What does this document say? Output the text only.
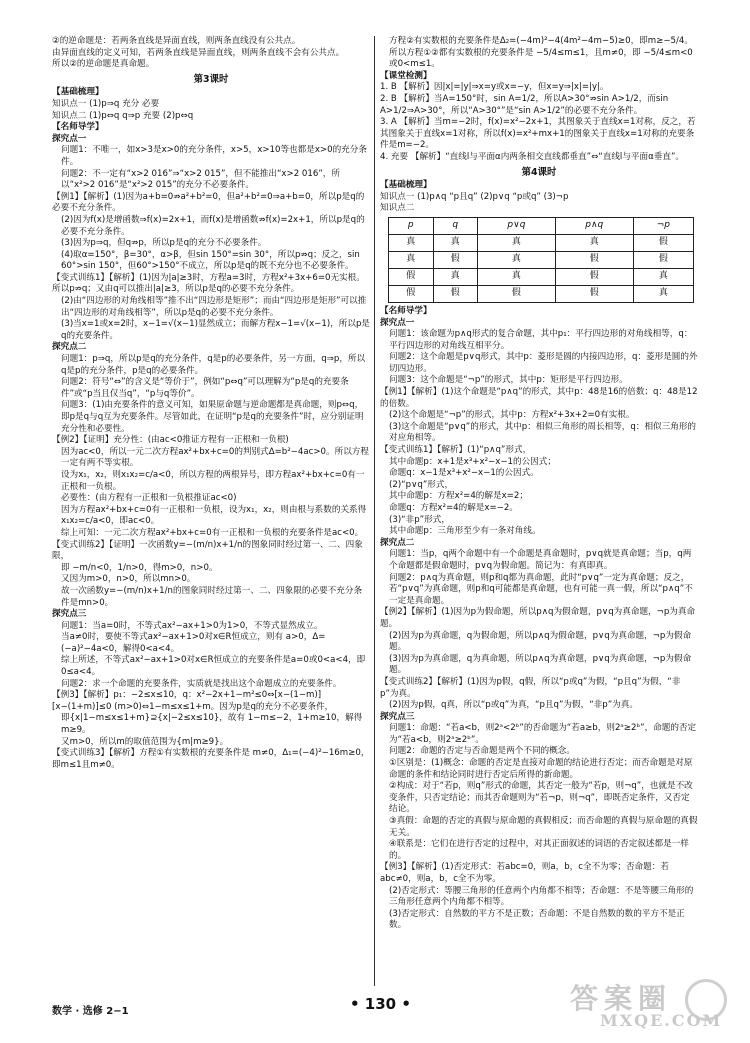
②的逆命题是：若两条直线是异面直线，则两条直线没有公共点。

由异面直线的定义可知，若两条直线是异面直线，则两条直线不会有公共点。

所以②的逆命题是真命题。

第3课时

【基础梳理】

知识点一 (1)p⇒q 充分 必要

知识点二 (1)p⇔q q⇒p 充要 (2)p⇔q

【名师导学】

探究点一

问题1：不唯一，如x>3是x>0的充分条件，x>5，x>10等也都是x>0的充分条件。

问题2：不一定有“x>2 016”⇒“x>2 015”，但不能推出“x>2 016”，所以“x²>2 016”是“x²>2 015”的充分不必要条件。

【例1】【解析】(1)因为a+b=0⇏a²+b²=0，但a²+b²=0⇒a+b=0，所以p是q的必要不充分条件。

(2)因为f(x)是增函数⇒f(x)=2x+1，而f(x)是增函数⇏f(x)=2x+1，所以p是q的必要不充分条件。

(3)因为p⇒q，但q⇏p，所以p是q的充分不必要条件。

(4)取α=150°，β=30°，α>β，但sin 150°=sin 30°，所以p⇏q；反之，sin 60°>sin 150°，但60°>150°不成立，所以p是q的既不充分也不必要条件。

【变式训练1】【解析】(1)因为|a|≥3时，方程a=3时，方程x²+3x+6=0无实根。所以p⇏q；又由q可以推出|a|≥3，所以p是q的必要不充分条件。

(2)由“四边形的对角线相等”推不出“四边形是矩形”；而由“四边形是矩形”可以推出“四边形的对角线相等”，所以p是q的必要不充分条件。

(3)当x=1或x=2时，x−1=√(x−1)显然成立；而解方程x−1=√(x−1)，所以p是q的充要条件。

探究点二

问题1：p⇒q，所以p是q的充分条件，q是p的必要条件，另一方面，q⇒p，所以q是p的充分条件，p是q的必要条件。

问题2：符号“⇔”的含义是“等价于”，例如“p⇔q”可以理解为“p是q的充要条件”或“p当且仅当q”，“p与q等价”。

问题3：(1)由充要条件的意义可知，如果原命题与逆命题都是真命题，则p⇔q，即p是q与q互为充要条件。尽管如此，在证明“p是q的充要条件”时，应分别证明充分性和必要性。

【例2】【证明】充分性：(由ac<0推证方程有一正根和一负根)

因为ac<0，所以一元二次方程ax²+bx+c=0的判别式Δ=b²−4ac>0。所以方程一定有两不等实根。

设为x₁，x₂，则x₁x₂=c/a<0，所以方程的两根异号，即方程ax²+bx+c=0有一正根和一负根。

必要性：(由方程有一正根和一负根推证ac<0)

因为方程ax²+bx+c=0有一正根和一负根，设为x₁，x₂，则由根与系数的关系得x₁x₂=c/a<0，即ac<0。

综上可知：一元二次方程ax²+bx+c=0有一正根和一负根的充要条件是ac<0。

【变式训练2】【证明】一次函数y=−(m/n)x+1/n的图象同时经过第一、二、四象限，

即 −m/n<0，1/n>0，得m>0，n>0。

又因为m>0，n>0，所以mn>0。

故一次函数y=−(m/n)x+1/n的图象同时经过第一、二、四象限的必要不充分条件是mn>0。

探究点三

问题1：当a=0时，不等式ax²−ax+1>0为1>0，不等式显然成立。

当a≠0时，要使不等式ax²−ax+1>0对x∈R恒成立，则有 a>0，Δ=(−a)²−4a<0，解得0<a<4。

综上所述，不等式ax²−ax+1>0对x∈R恒成立的充要条件是a=0或0<a<4，即0≤a<4。

问题2：求一个命题的充要条件，实质就是找出这个命题成立的充要条件。

【例3】【解析】p₁：−2≤x≤10，q：x²−2x+1−m²≤0⇔[x−(1−m)][x−(1+m)]≤0 (m>0)⇔1−m≤x≤1+m。因为p是q的充分不必要条件，

即{x|1−m≤x≤1+m}⊇{x|−2≤x≤10}，故有 1−m≤−2，1+m≥10，解得m≥9。

又m>0，所以m的取值范围为{m|m≥9}。

【变式训练3】【解析】方程①有实数根的充要条件是 m≠0，Δ₁=(−4)²−16m≥0，即m≤1且m≠0。

方程②有实数根的充要条件是Δ₂=(−4m)²−4(4m²−4m−5)≥0，即m≥−5/4。

所以方程①②都有实数根的充要条件是 −5/4≤m≤1，且m≠0，即 −5/4≤m<0或0<m≤1。

【课堂检测】

1. B 【解析】因|x|=|y|⇒x=y或x=−y，但x=y⇒|x|=|y|。

2. B 【解析】当A=150°时，sin A=1/2，所以A>30°⇏sin A>1/2，而sin A>1/2⇒A>30°，所以“A>30°”是“sin A>1/2”的必要不充分条件。

3. A 【解析】当m=−2时，f(x)=x²−2x+1，其图象关于直线x=1对称，反之，若其图象关于直线x=1对称，所以f(x)=x²+mx+1的图象关于直线x=1对称的充要条件是m=−2。

4. 充要 【解析】“直线l与平面α内两条相交直线都垂直”⇔“直线l与平面α垂直”。

第4课时

【基础梳理】

知识点一 (1)p∧q “p且q” (2)p∨q “p或q” (3)¬p

知识点二

p	q	p∨q	p∧q	¬p
真	真	真	真	假
真	假	真	假	假
假	真	真	假	真
假	假	假	假	真

【名师导学】

探究点一

问题1：该命题为p∧q形式的复合命题，其中p₁：平行四边形的对角线相等，q：平行四边形的对角线互相平分。

问题2：这个命题是p∨q形式，其中p：菱形是圆的内接四边形，q：菱形是圆的外切四边形。

问题3：这个命题是“¬p”的形式，其中p：矩形是平行四边形。

【例1】【解析】(1)这个命题是“p∧q”的形式，其中p：48是16的倍数；q：48是12的倍数。

(2)这个命题是“¬p”的形式，其中p：方程x²+3x+2=0有实根。

(3)这个命题是“p∨q”的形式，其中p：相似三角形的周长相等，q：相似三角形的对应角相等。

【变式训练1】【解析】(1)“p∧q”形式，

其中命题p：x+1是x³+x²−x−1的公因式；

命题q：x−1是x³+x²−x−1的公因式。

(2)“p∨q”形式，

其中命题p：方程x²=4的解是x=2；

命题q：方程x²=4的解是x=−2。

(3)“非p”形式，

其中命题p：三角形至少有一条对角线。

探究点二

问题1：当p，q两个命题中有一个命题是真命题时，p∨q就是真命题；当p，q两个命题都是假命题时，p∨q为假命题。简记为：有真即真。

问题2：p∧q为真命题，则p和q都为真命题，此时“p∨q”一定为真命题；反之，若“p∨q”为真命题，则p和q可能都是真命题，也有可能一真一假，所以“p∧q”不一定是真命题。

【例2】【解析】(1)因为p为假命题，所以p∧q为假命题，p∨q为真命题，¬p为真命题。

(2)因为p为真命题，q为假命题，所以p∧q为假命题，p∨q为真命题，¬p为假命题。

(3)因为p为真命题，q为真命题，所以p∧q为真命题，p∨q为真命题，¬p为假命题。

【变式训练2】【解析】(1)因为p假，q假，所以“p或q”为假，“p且q”为假，“非p”为真。

(2)因为p假，q真，所以“p或q”为真，“p且q”为假，“非p”为真。

探究点三

问题1：命题：“若a<b，则2ᵃ<2ᵇ”的否命题为“若a≥b，则2ᵃ≥2ᵇ”，命题的否定为“若a<b，则2ᵃ≥2ᵇ”。

问题2：命题的否定与否命题是两个不同的概念。

①区别是：(1)概念：命题的否定是直接对命题的结论进行否定；而否命题是对原命题的条件和结论同时进行否定后所得的新命题。

②构成：对于“若p，则q”形式的命题，其否定一般为“若p，则¬q”，也就是不改变条件，只否定结论；而其否命题则为“若¬p，则¬q”，即既否定条件，又否定结论。

③真假：命题的否定的真假与原命题的真假相反；而否命题的真假与原命题的真假无关。

④联系是：它们在进行否定的过程中，对其正面叙述的词语的否定叙述都是一样的。

【例3】【解析】(1)否定形式：若abc=0，则a，b，c全不为零；否命题：若abc≠0，则a，b，c全不为零。

(2)否定形式：等腰三角形的任意两个内角都不相等；否命题：不是等腰三角形的三角形任意两个内角都不相等。

(3)否定形式：自然数的平方不是正数；否命题：不是自然数的数的平方不是正数。

数学 · 选修 2−1	• 130 •	答案圈
MXQE.COM
